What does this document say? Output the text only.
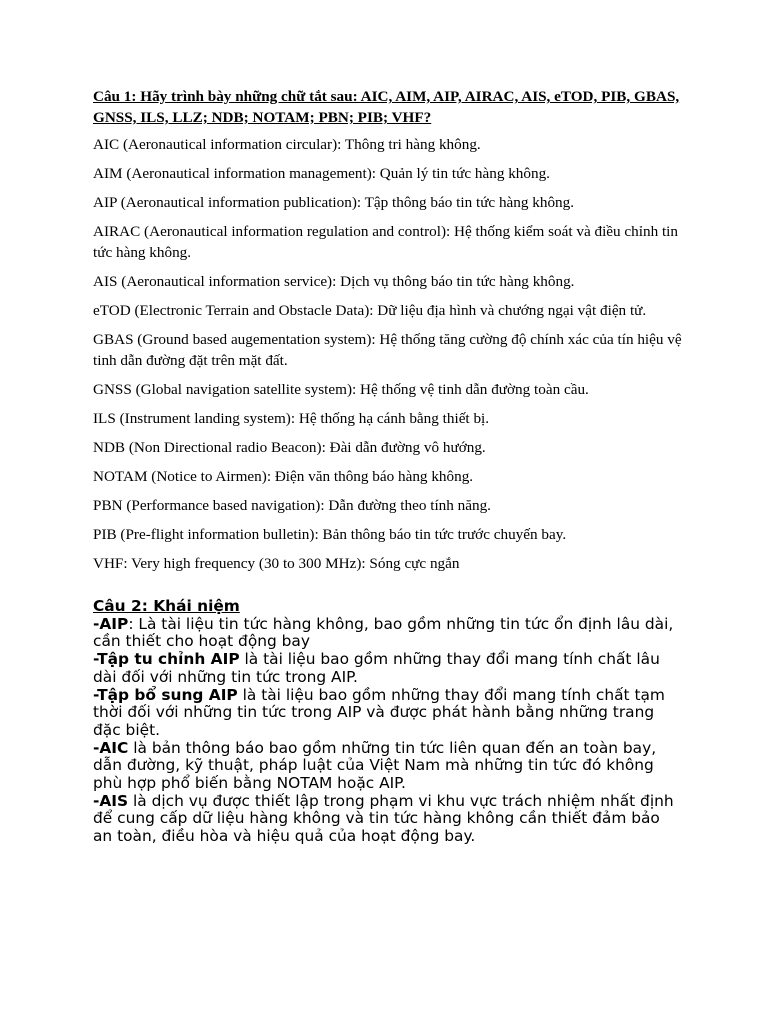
Câu 1: Hãy trình bày những chữ tắt sau: AIC, AIM, AIP, AIRAC, AIS, eTOD, PIB, GBAS, GNSS, ILS, LLZ; NDB; NOTAM; PBN; PIB; VHF?

AIC (Aeronautical information circular): Thông tri hàng không.

AIM (Aeronautical information management): Quản lý tin tức hàng không.

AIP (Aeronautical information publication): Tập thông báo tin tức hàng không.

AIRAC (Aeronautical information regulation and control): Hệ thống kiểm soát và điều chỉnh tin tức hàng không.

AIS (Aeronautical information service): Dịch vụ thông báo tin tức hàng không.

eTOD (Electronic Terrain and Obstacle Data): Dữ liệu địa hình và chướng ngại vật điện tử.

GBAS (Ground based augementation system): Hệ thống tăng cường độ chính xác của tín hiệu vệ tinh dẫn đường đặt trên mặt đất.

GNSS (Global navigation satellite system): Hệ thống vệ tinh dẫn đường toàn cầu.

ILS (Instrument landing system): Hệ thống hạ cánh bằng thiết bị.

NDB (Non Directional radio Beacon): Đài dẫn đường vô hướng.

NOTAM (Notice to Airmen): Điện văn thông báo hàng không.

PBN (Performance based navigation): Dẫn đường theo tính năng.

PIB (Pre-flight information bulletin): Bản thông báo tin tức trước chuyến bay.

VHF: Very high frequency (30 to 300 MHz): Sóng cực ngắn

Câu 2: Khái niệm

-AIP: Là tài liệu tin tức hàng không, bao gồm những tin tức ổn định lâu dài, cần thiết cho hoạt động bay

-Tập tu chỉnh AIP là tài liệu bao gồm những thay đổi mang tính chất lâu dài đối với những tin tức trong AIP.

-Tập bổ sung AIP là tài liệu bao gồm những thay đổi mang tính chất tạm thời đối với những tin tức trong AIP và được phát hành bằng những trang đặc biệt.

-AIC là bản thông báo bao gồm những tin tức liên quan đến an toàn bay, dẫn đường, kỹ thuật, pháp luật của Việt Nam mà những tin tức đó không phù hợp phổ biến bằng NOTAM hoặc AIP.

-AIS là dịch vụ được thiết lập trong phạm vi khu vực trách nhiệm nhất định để cung cấp dữ liệu hàng không và tin tức hàng không cần thiết đảm bảo an toàn, điều hòa và hiệu quả của hoạt động bay.
